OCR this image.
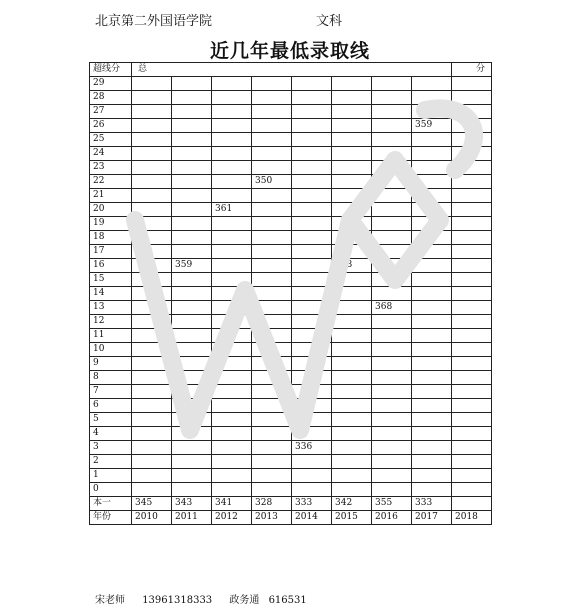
北京第二外国语学院	文科
近几年最低录取线
超线分	总								分
29									
28									
27									
26								359	
25									
24									
23									
22				350					
21									
20			361						
19									
18									
17	362								
16		359				358			
15									
14									
13							368		
12									
11									
10									
9									
8									
7									
6									
5									
4									
3					336				
2									
1									
0									
本一	345	343	341	328	333	342	355	333	
年份	2010	2011	2012	2013	2014	2015	2016	2017	2018
宋老师 13961318333 政务通 616531
